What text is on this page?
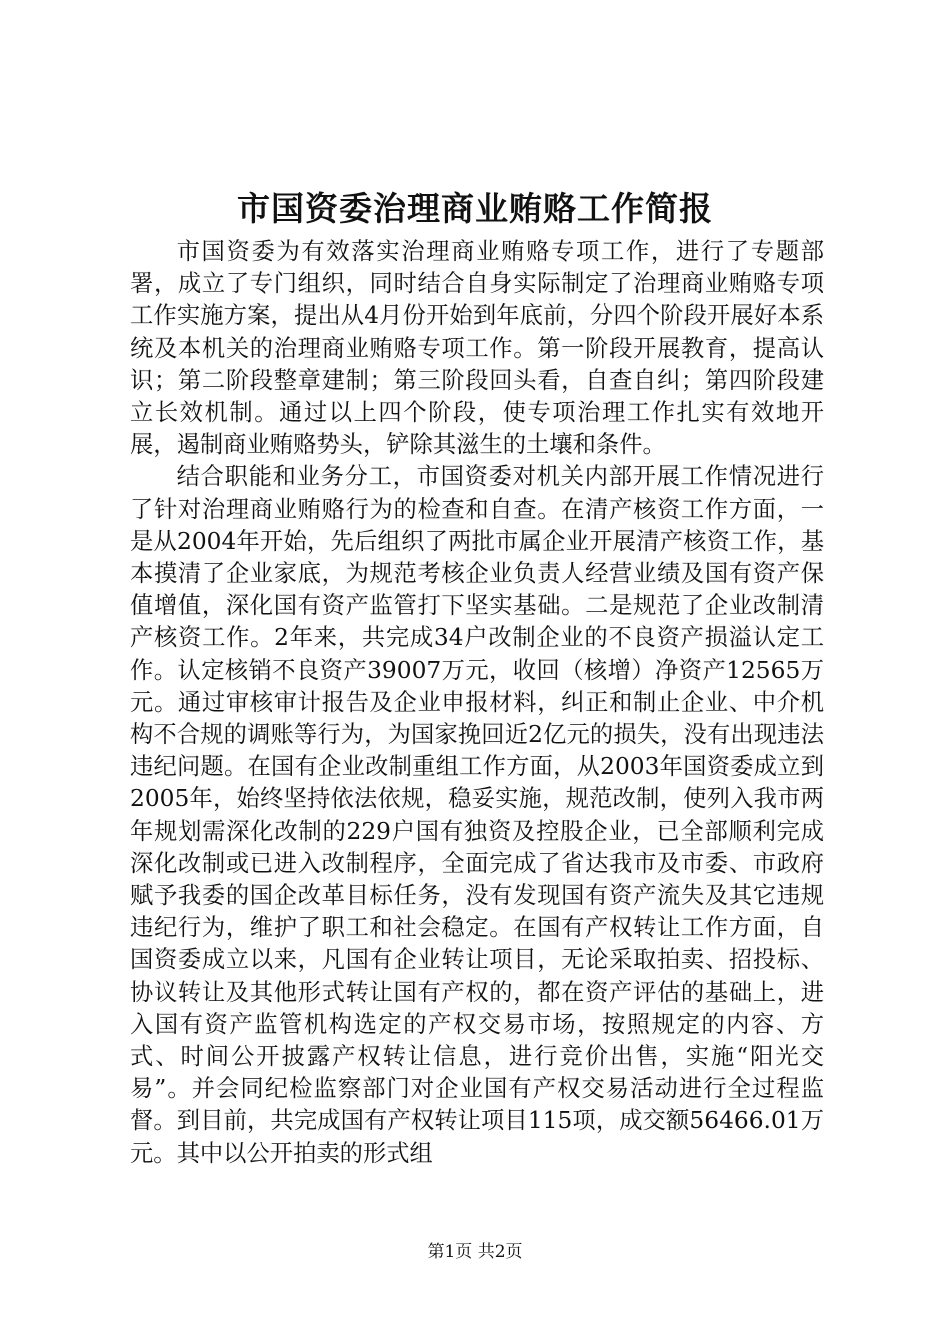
市国资委治理商业贿赂工作简报

市国资委为有效落实治理商业贿赂专项工作，进行了专题部署，成立了专门组织，同时结合自身实际制定了治理商业贿赂专项工作实施方案，提出从4月份开始到年底前，分四个阶段开展好本系统及本机关的治理商业贿赂专项工作。第一阶段开展教育，提高认识；第二阶段整章建制；第三阶段回头看，自查自纠；第四阶段建立长效机制。通过以上四个阶段，使专项治理工作扎实有效地开展，遏制商业贿赂势头，铲除其滋生的土壤和条件。

结合职能和业务分工，市国资委对机关内部开展工作情况进行了针对治理商业贿赂行为的检查和自查。在清产核资工作方面，一是从2004年开始，先后组织了两批市属企业开展清产核资工作，基本摸清了企业家底，为规范考核企业负责人经营业绩及国有资产保值增值，深化国有资产监管打下坚实基础。二是规范了企业改制清产核资工作。2年来，共完成34户改制企业的不良资产损溢认定工作。认定核销不良资产39007万元，收回（核增）净资产12565万元。通过审核审计报告及企业申报材料，纠正和制止企业、中介机构不合规的调账等行为，为国家挽回近2亿元的损失，没有出现违法违纪问题。在国有企业改制重组工作方面，从2003年国资委成立到2005年，始终坚持依法依规，稳妥实施，规范改制，使列入我市两年规划需深化改制的229户国有独资及控股企业，已全部顺利完成深化改制或已进入改制程序，全面完成了省达我市及市委、市政府赋予我委的国企改革目标任务，没有发现国有资产流失及其它违规违纪行为，维护了职工和社会稳定。在国有产权转让工作方面，自国资委成立以来，凡国有企业转让项目，无论采取拍卖、招投标、协议转让及其他形式转让国有产权的，都在资产评估的基础上，进入国有资产监管机构选定的产权交易市场，按照规定的内容、方式、时间公开披露产权转让信息，进行竞价出售，实施“阳光交易”。并会同纪检监察部门对企业国有产权交易活动进行全过程监督。到目前，共完成国有产权转让项目115项，成交额56466.01万元。其中以公开拍卖的形式组

第1页 共2页
